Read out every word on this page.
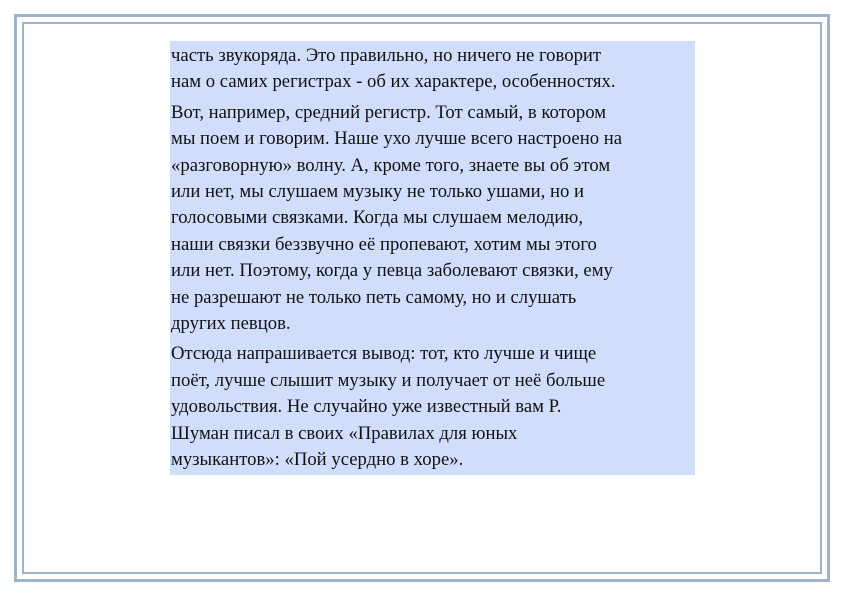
часть звукоряда. Это правильно, но ничего не говорит
нам о самих регистрах - об их характере, особенностях.

Вот, например, средний регистр. Тот самый, в котором
мы поем и говорим. Наше ухо лучше всего настроено на
«разговорную» волну. А, кроме того, знаете вы об этом
или нет, мы слушаем музыку не только ушами, но и
голосовыми связками. Когда мы слушаем мелодию,
наши связки беззвучно её пропевают, хотим мы этого
или нет. Поэтому, когда у певца заболевают связки, ему
не разрешают не только петь самому, но и слушать
других певцов.

Отсюда напрашивается вывод: тот, кто лучше и чище
поёт, лучше слышит музыку и получает от неё больше
удовольствия. Не случайно уже известный вам Р.
Шуман писал в своих «Правилах для юных
музыкантов»: «Пой усердно в хоре».
